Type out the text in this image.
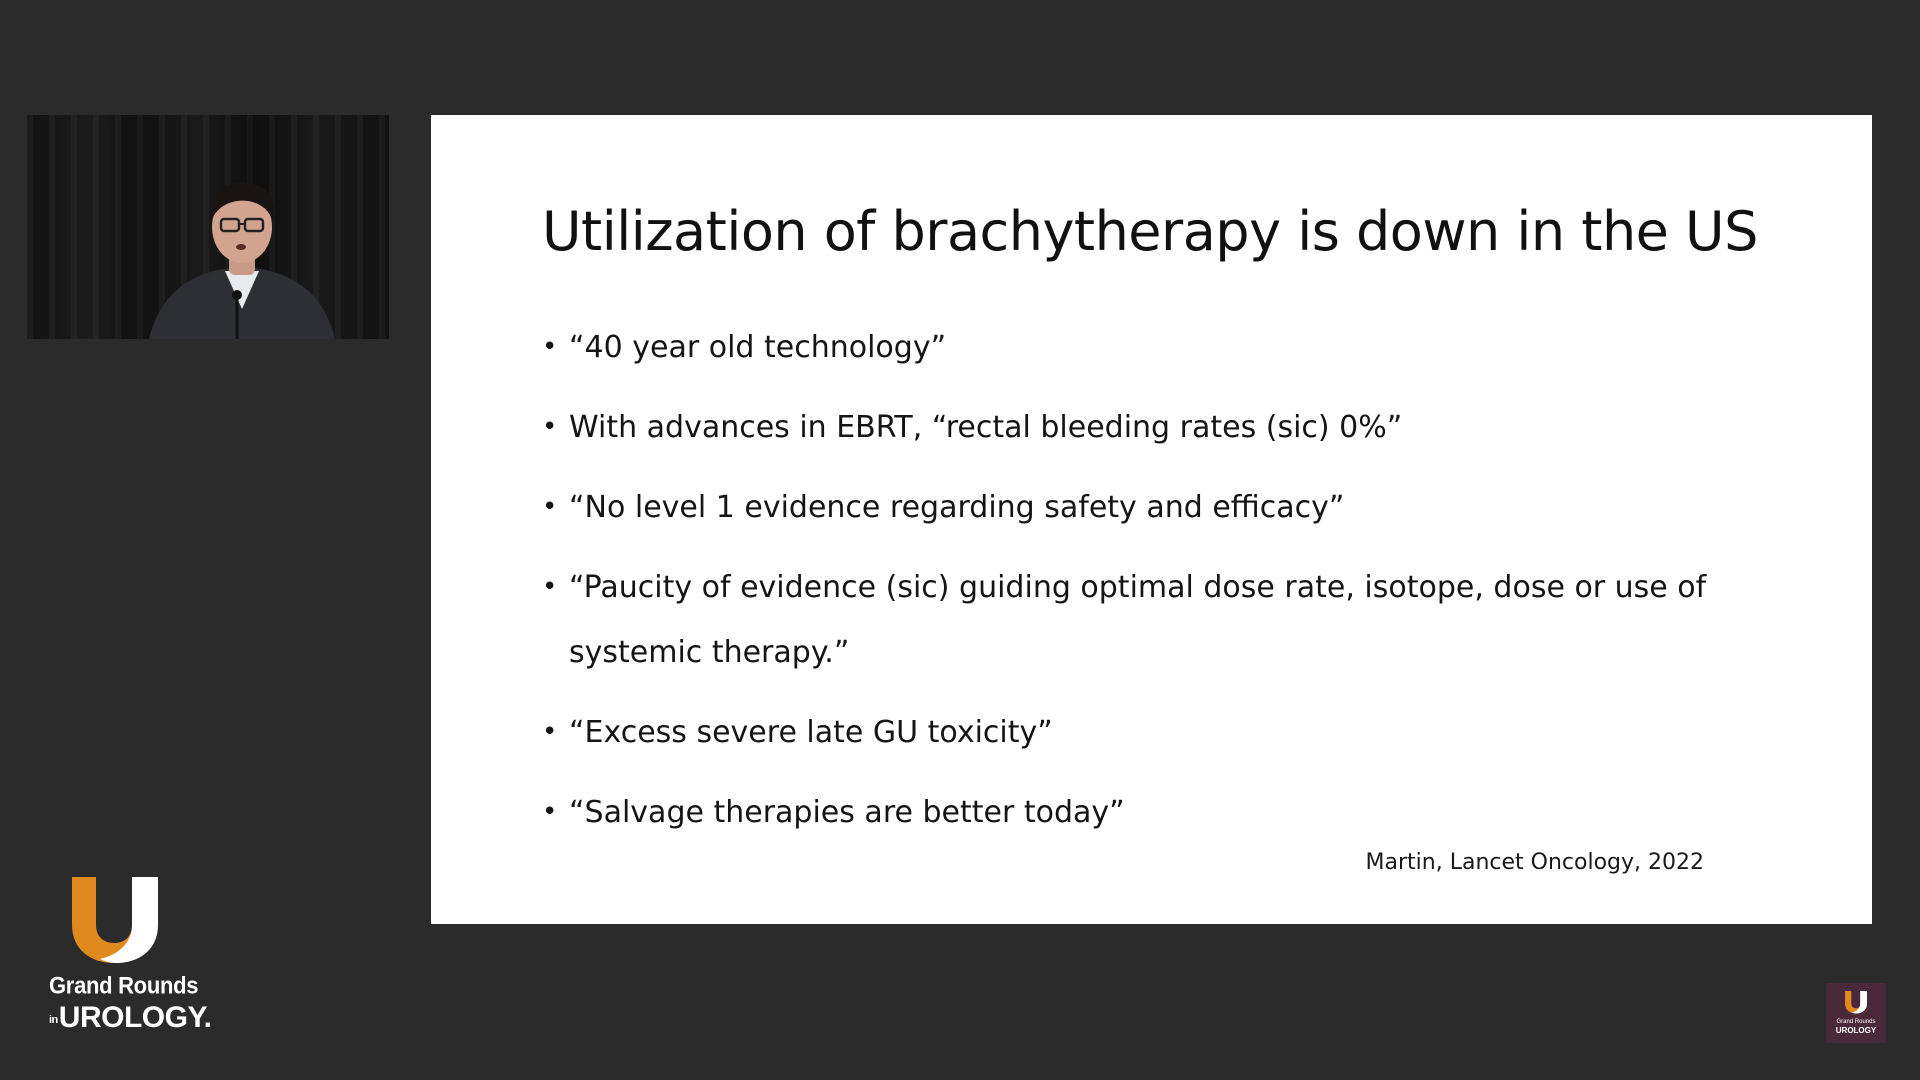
Utilization of brachytherapy is down in the US
• “40 year old technology”
• With advances in EBRT, “rectal bleeding rates (sic) 0%”
• “No level 1 evidence regarding safety and efficacy”
• “Paucity of evidence (sic) guiding optimal dose rate, isotope, dose or use of systemic therapy.”
• “Excess severe late GU toxicity”
• “Salvage therapies are better today”
Martin, Lancet Oncology, 2022
Grand Rounds
inUROLOGY.	Grand Rounds
UROLOGY
